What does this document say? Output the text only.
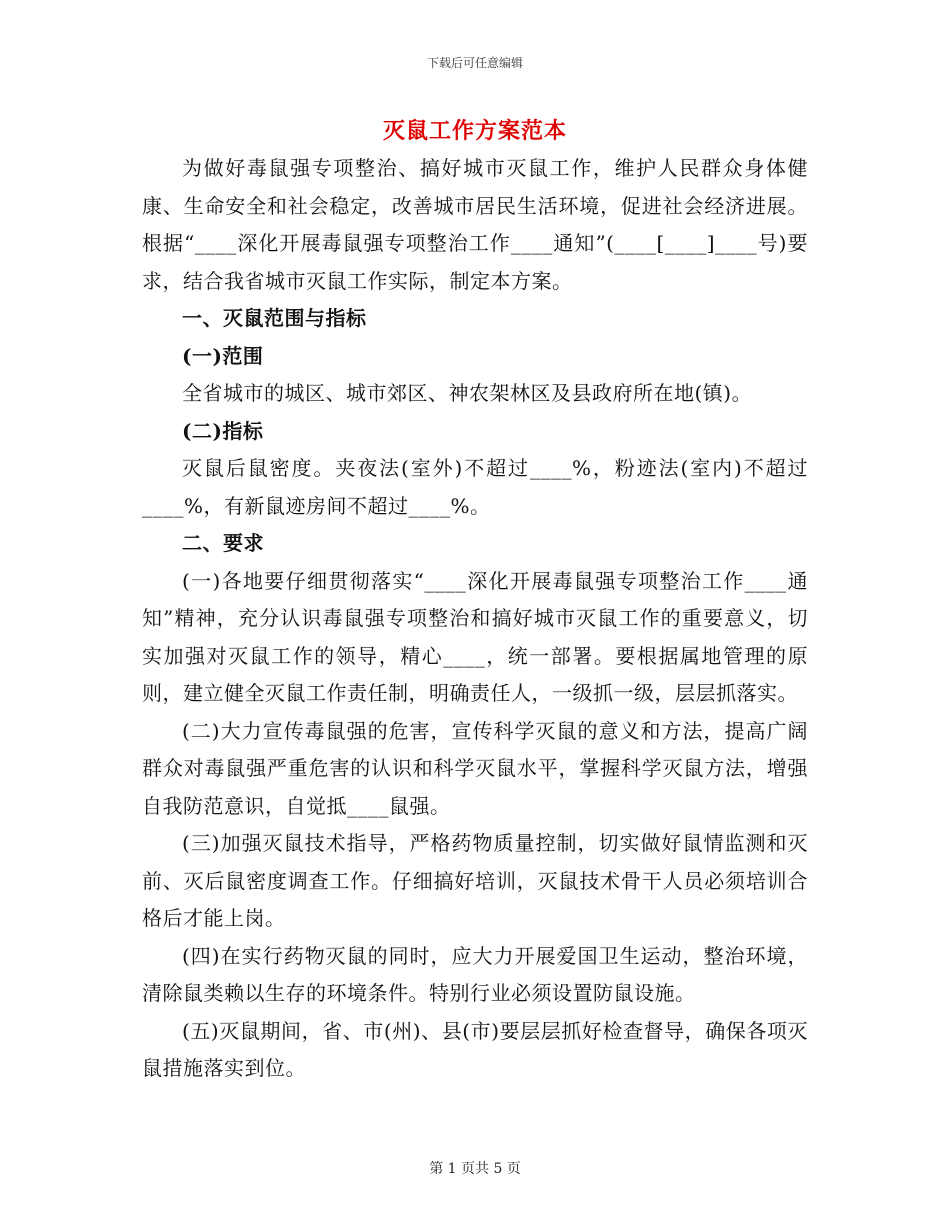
下载后可任意编辑
灭鼠工作方案范本

为做好毒鼠强专项整治、搞好城市灭鼠工作，维护人民群众身体健康、生命安全和社会稳定，改善城市居民生活环境，促进社会经济进展。根据“____深化开展毒鼠强专项整治工作____通知”(____[____]____号)要求，结合我省城市灭鼠工作实际，制定本方案。

一、灭鼠范围与指标

(一)范围

全省城市的城区、城市郊区、神农架林区及县政府所在地(镇)。

(二)指标

灭鼠后鼠密度。夹夜法(室外)不超过____%，粉迹法(室内)不超过____%，有新鼠迹房间不超过____%。

二、要求

(一)各地要仔细贯彻落实“____深化开展毒鼠强专项整治工作____通知”精神，充分认识毒鼠强专项整治和搞好城市灭鼠工作的重要意义，切实加强对灭鼠工作的领导，精心____，统一部署。要根据属地管理的原则，建立健全灭鼠工作责任制，明确责任人，一级抓一级，层层抓落实。

(二)大力宣传毒鼠强的危害，宣传科学灭鼠的意义和方法，提高广阔群众对毒鼠强严重危害的认识和科学灭鼠水平，掌握科学灭鼠方法，增强自我防范意识，自觉抵____鼠强。

(三)加强灭鼠技术指导，严格药物质量控制，切实做好鼠情监测和灭前、灭后鼠密度调查工作。仔细搞好培训，灭鼠技术骨干人员必须培训合格后才能上岗。

(四)在实行药物灭鼠的同时，应大力开展爱国卫生运动，整治环境，清除鼠类赖以生存的环境条件。特别行业必须设置防鼠设施。

(五)灭鼠期间，省、市(州)、县(市)要层层抓好检查督导，确保各项灭鼠措施落实到位。

第 1 页共 5 页
